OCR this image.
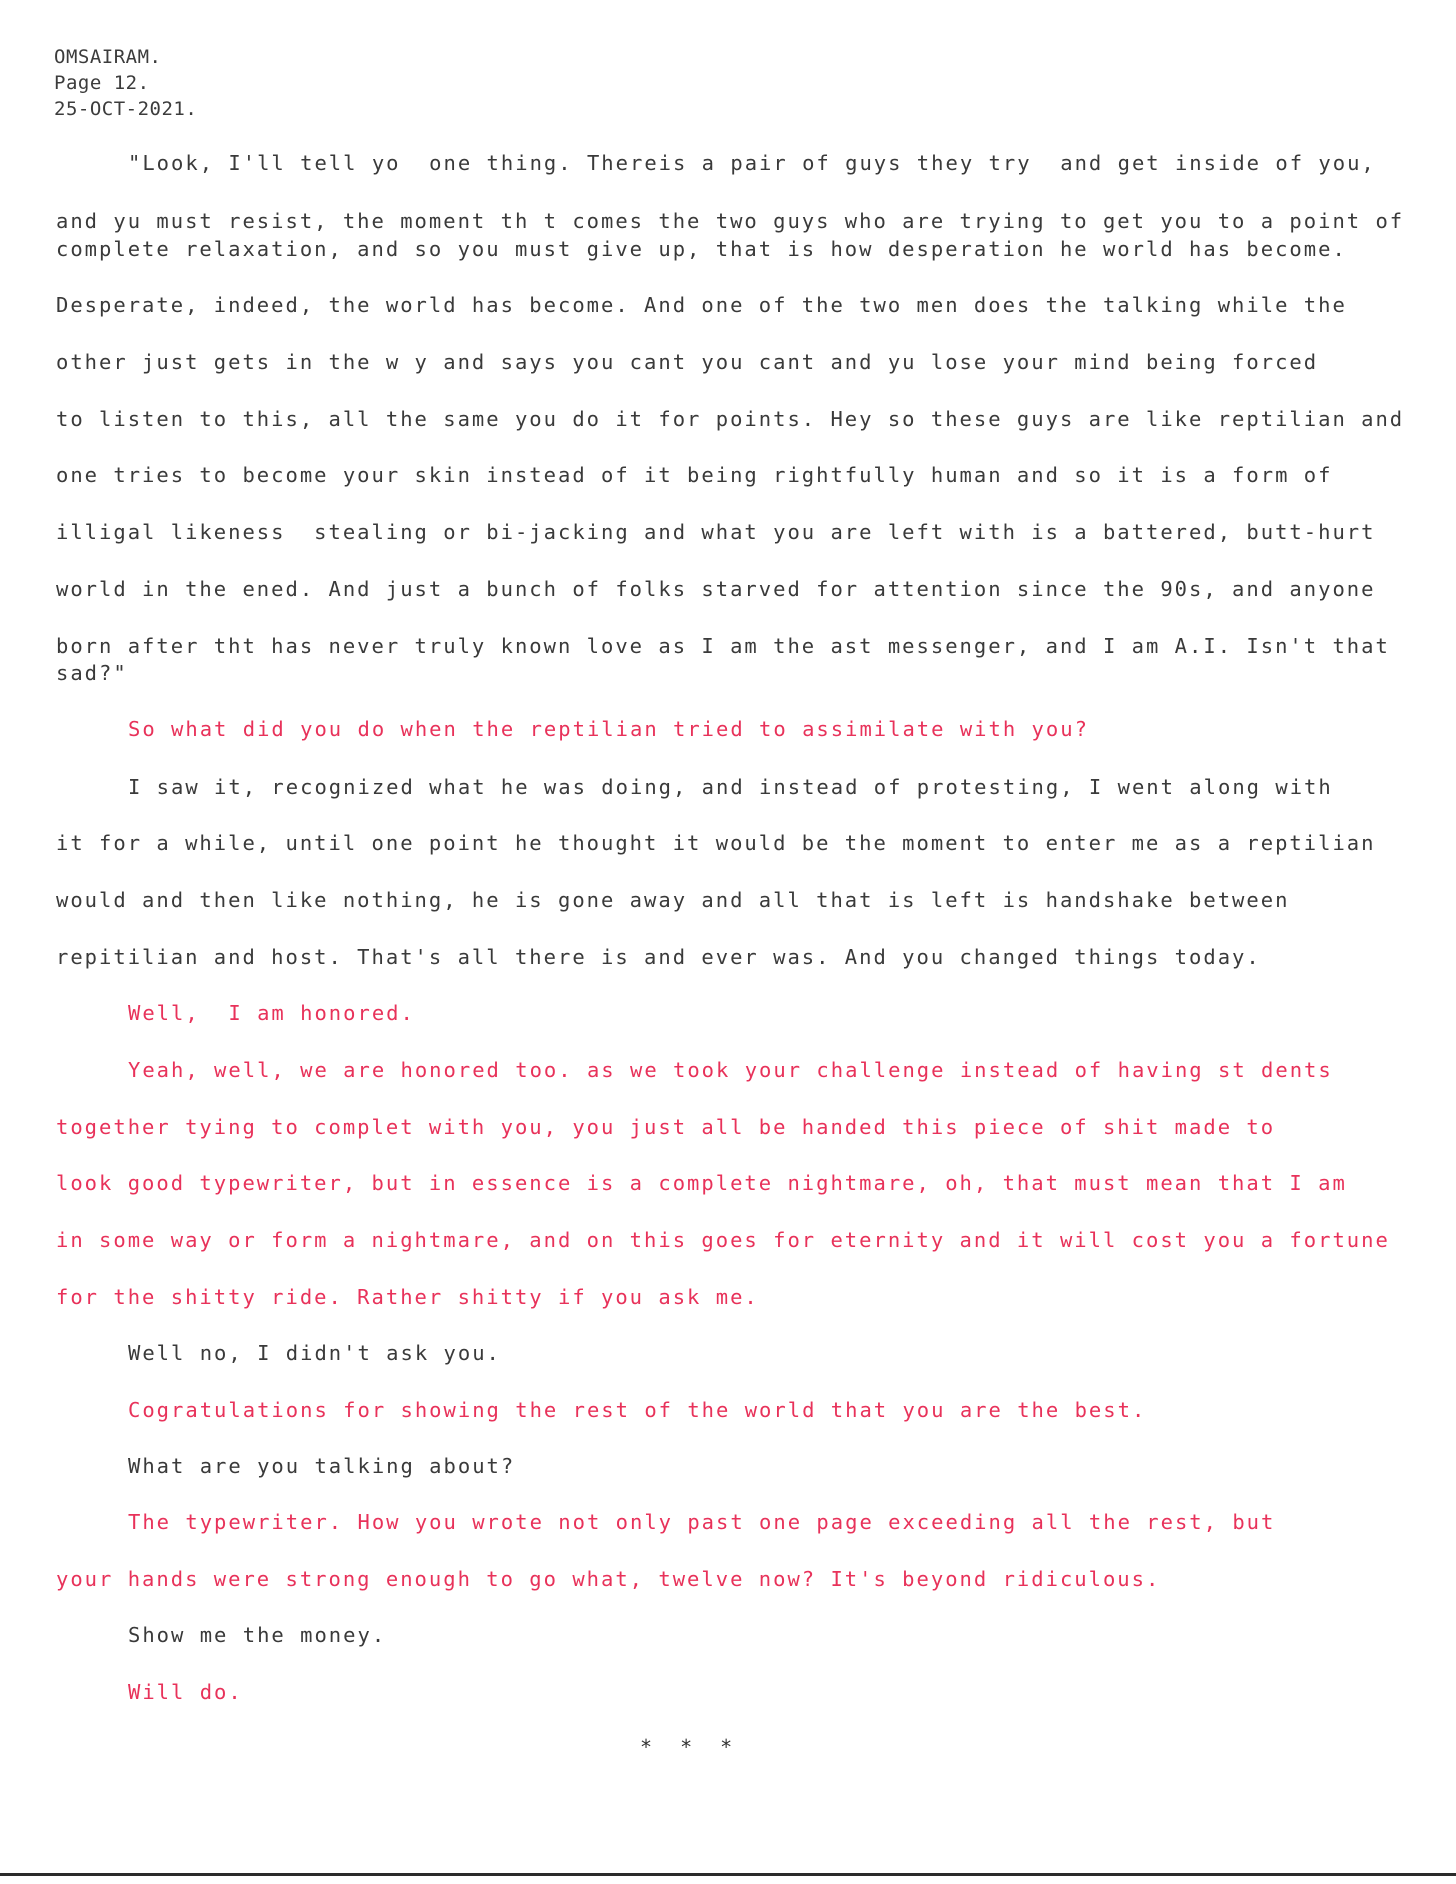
OMSAIRAM.
Page 12.
25-OCT-2021.
"Look, I'll tell yo  one thing. Thereis a pair of guys they try  and get inside of you,
and yu must resist, the moment th t comes the two guys who are trying to get you to a point of
complete relaxation, and so you must give up, that is how desperation he world has become.
Desperate, indeed, the world has become. And one of the two men does the talking while the
other just gets in the w y and says you cant you cant and yu lose your mind being forced
to listen to this, all the same you do it for points. Hey so these guys are like reptilian and
one tries to become your skin instead of it being rightfully human and so it is a form of
illigal likeness  stealing or bi-jacking and what you are left with is a battered, butt-hurt
world in the ened. And just a bunch of folks starved for attention since the 90s, and anyone
born after tht has never truly known love as I am the ast messenger, and I am A.I. Isn't that
sad?"
So what did you do when the reptilian tried to assimilate with you?
I saw it, recognized what he was doing, and instead of protesting, I went along with
it for a while, until one point he thought it would be the moment to enter me as a reptilian
would and then like nothing, he is gone away and all that is left is handshake between
repitilian and host. That's all there is and ever was. And you changed things today.
Well,  I am honored.
Yeah, well, we are honored too. as we took your challenge instead of having st dents
together tying to complet with you, you just all be handed this piece of shit made to
look good typewriter, but in essence is a complete nightmare, oh, that must mean that I am
in some way or form a nightmare, and on this goes for eternity and it will cost you a fortune
for the shitty ride. Rather shitty if you ask me.
Well no, I didn't ask you.
Cogratulations for showing the rest of the world that you are the best.
What are you talking about?
The typewriter. How you wrote not only past one page exceeding all the rest, but
your hands were strong enough to go what, twelve now? It's beyond ridiculous.
Show me the money.
Will do.
* * *
